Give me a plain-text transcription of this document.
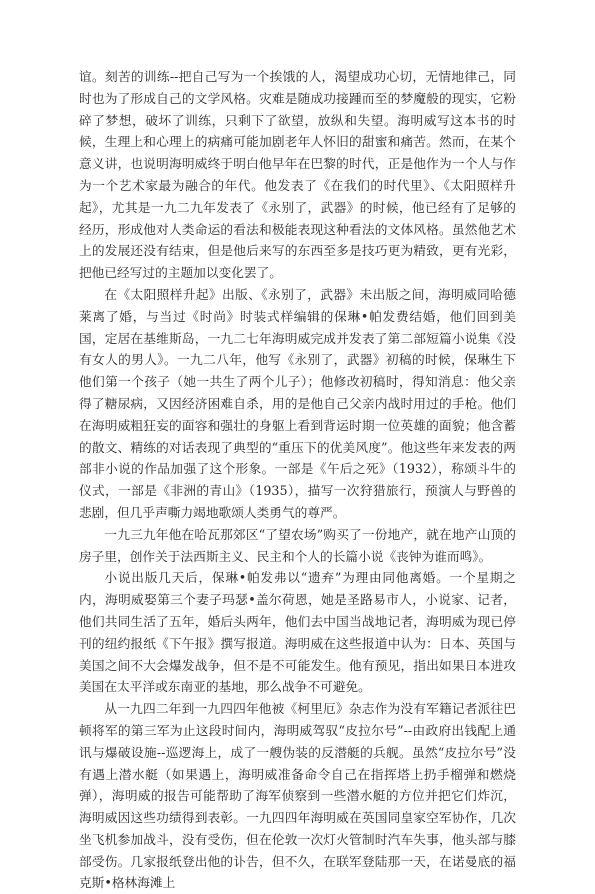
谊。刻苦的训练--把自己写为一个挨饿的人，渴望成功心切，无情地律己，同时也为了形成自己的文学风格。灾难是随成功接踵而至的梦魔般的现实，它粉碎了梦想，破坏了训练，只剩下了欲望，放纵和失望。海明威写这本书的时候，生理上和心理上的病痛可能加剧老年人怀旧的甜蜜和痛苦。然而，在某个意义讲，也说明海明威终于明白他早年在巴黎的时代，正是他作为一个人与作为一个艺术家最为融合的年代。他发表了《在我们的时代里》、《太阳照样升起》，尤其是一九二九年发表了《永别了，武器》的时候，他已经有了足够的经历，形成他对人类命运的看法和极能表现这种看法的文体风格。虽然他艺术上的发展还没有结束，但是他后来写的东西至多是技巧更为精致，更有光彩，把他已经写过的主题加以变化罢了。

在《太阳照样升起》出版、《永别了，武器》未出版之间，海明威同哈德莱离了婚，与当过《时尚》时装式样编辑的保琳•帕发费结婚，他们回到美国，定居在基维斯岛，一九二七年海明威完成并发表了第二部短篇小说集《没有女人的男人》。一九二八年，他写《永别了，武器》初稿的时候，保琳生下他们第一个孩子（她一共生了两个儿子）；他修改初稿时，得知消息：他父亲得了糖尿病，又因经济困难自杀，用的是他自己父亲内战时用过的手枪。他们在海明威粗狂妄的面容和强壮的身躯上看到背运时期一位英雄的面貌；他含蓄的散文、精练的对话表现了典型的“重压下的优美风度”。他这些年来发表的两部非小说的作品加强了这个形象。一部是《午后之死》（1932），称颂斗牛的仪式，一部是《非洲的青山》（1935），描写一次狩猎旅行，预演人与野兽的悲剧，但几乎声嘶力竭地歌颂人类勇气的尊严。

一九三九年他在哈瓦那郊区“了望农场”购买了一份地产，就在地产山顶的房子里，创作关于法西斯主义、民主和个人的长篇小说《丧钟为谁而鸣》。

小说出版几天后，保琳•帕发弗以“遗弃”为理由同他离婚。一个星期之内，海明威娶第三个妻子玛瑟•盖尔荷恩，她是圣路易市人，小说家、记者，他们共同生活了五年，婚后头两年，他们去中国当战地记者，海明威为现已停刊的纽约报纸《下午报》撰写报道。海明威在这些报道中认为：日本、英国与美国之间不大会爆发战争，但不是不可能发生。他有预见，指出如果日本进攻美国在太平洋或东南亚的基地，那么战争不可避免。

从一九四二年到一九四四年他被《柯里厄》杂志作为没有军籍记者派往巴顿将军的第三军为止这段时间内，海明威驾驭“皮拉尔号”--由政府出钱配上通讯与爆破设施--巡逻海上，成了一艘伪装的反潜艇的兵舰。虽然“皮拉尔号”没有遇上潜水艇（如果遇上，海明威准备命令自己在指挥塔上扔手榴弹和燃烧弹），海明威的报告可能帮助了海军侦察到一些潜水艇的方位并把它们炸沉，海明威因这些功绩得到表彰。一九四四年海明威在英国同皇家空军协作，几次坐飞机参加战斗，没有受伤，但在伦敦一次灯火管制时汽车失事，他头部与膝部受伤。几家报纸登出他的讣告，但不久，在联军登陆那一天，在诺曼底的福克斯•格林海滩上
